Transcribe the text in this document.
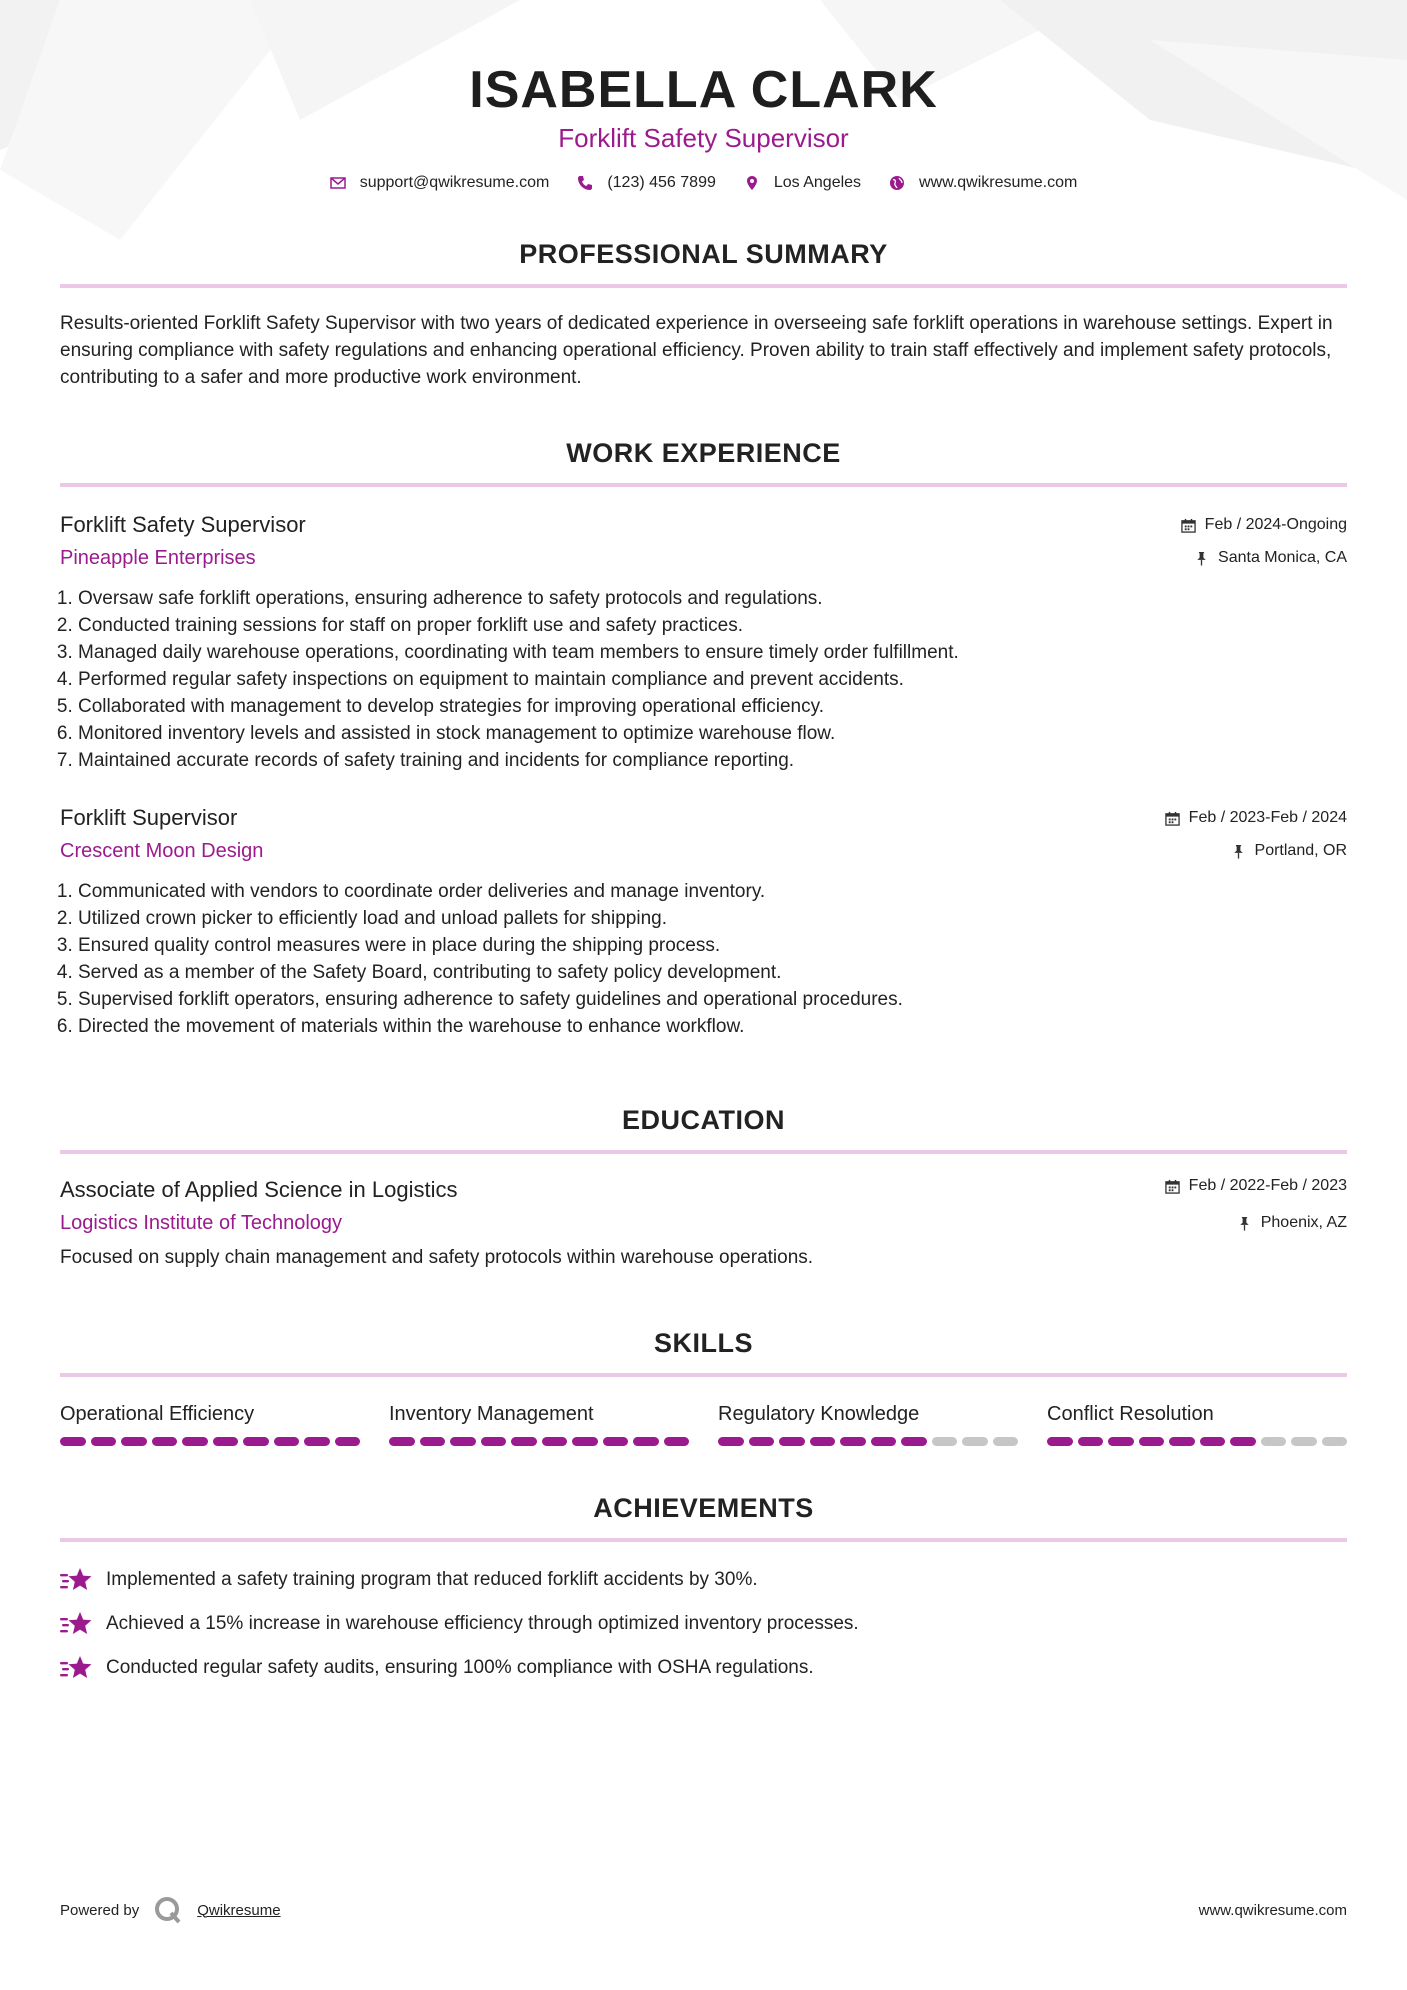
ISABELLA CLARK
Forklift Safety Supervisor
support@qwikresume.com	(123) 456 7899	Los Angeles	www.qwikresume.com
PROFESSIONAL SUMMARY

Results-oriented Forklift Safety Supervisor with two years of dedicated experience in overseeing safe forklift operations in warehouse settings. Expert in ensuring compliance with safety regulations and enhancing operational efficiency. Proven ability to train staff effectively and implement safety protocols, contributing to a safer and more productive work environment.

WORK EXPERIENCE
Forklift Safety Supervisor
Pineapple Enterprises
Feb / 2024-Ongoing
Santa Monica, CA
1. Oversaw safe forklift operations, ensuring adherence to safety protocols and regulations.
2. Conducted training sessions for staff on proper forklift use and safety practices.
3. Managed daily warehouse operations, coordinating with team members to ensure timely order fulfillment.
4. Performed regular safety inspections on equipment to maintain compliance and prevent accidents.
5. Collaborated with management to develop strategies for improving operational efficiency.
6. Monitored inventory levels and assisted in stock management to optimize warehouse flow.
7. Maintained accurate records of safety training and incidents for compliance reporting.
Forklift Supervisor
Crescent Moon Design
Feb / 2023-Feb / 2024
Portland, OR
1. Communicated with vendors to coordinate order deliveries and manage inventory.
2. Utilized crown picker to efficiently load and unload pallets for shipping.
3. Ensured quality control measures were in place during the shipping process.
4. Served as a member of the Safety Board, contributing to safety policy development.
5. Supervised forklift operators, ensuring adherence to safety guidelines and operational procedures.
6. Directed the movement of materials within the warehouse to enhance workflow.
EDUCATION
Associate of Applied Science in Logistics
Logistics Institute of Technology
Feb / 2022-Feb / 2023
Phoenix, AZ
Focused on supply chain management and safety protocols within warehouse operations.
SKILLS
Operational Efficiency	Inventory Management	Regulatory Knowledge	Conflict Resolution
ACHIEVEMENTS
Implemented a safety training program that reduced forklift accidents by 30%.
Achieved a 15% increase in warehouse efficiency through optimized inventory processes.
Conducted regular safety audits, ensuring 100% compliance with OSHA regulations.
Powered by	Qwikresume	www.qwikresume.com
